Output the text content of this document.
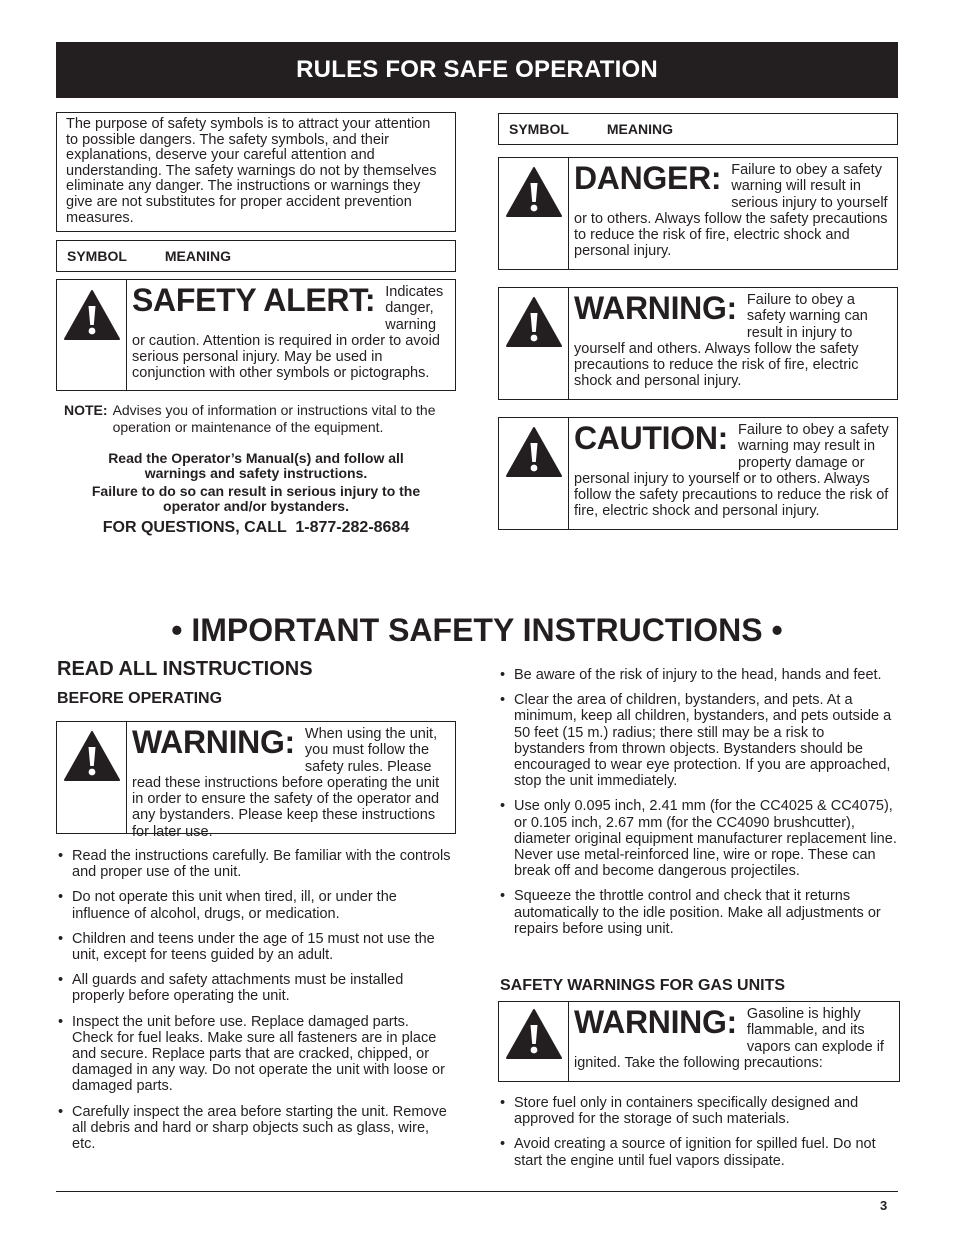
RULES FOR SAFE OPERATION
The purpose of safety symbols is to attract your attention to possible dangers. The safety symbols, and their explanations, deserve your careful attention and understanding. The safety warnings do not by themselves eliminate any danger. The instructions or warnings they give are not substitutes for proper accident prevention measures.
SYMBOL	MEANING
SAFETY ALERT: Indicates danger, warning or caution. Attention is required in order to avoid serious personal injury. May be used in conjunction with other symbols or pictographs.
NOTE: Advises you of information or instructions vital to the operation or maintenance of the equipment.
Read the Operator’s Manual(s) and follow all warnings and safety instructions.
Failure to do so can result in serious injury to the operator and/or bystanders.
FOR QUESTIONS, CALL  1-877-282-8684
SYMBOL	MEANING
DANGER: Failure to obey a safety warning will result in serious injury to yourself or to others. Always follow the safety precautions to reduce the risk of fire, electric shock and personal injury.
WARNING: Failure to obey a safety warning can result in injury to yourself and others. Always follow the safety precautions to reduce the risk of fire, electric shock and personal injury.
CAUTION: Failure to obey a safety warning may result in property damage or personal injury to yourself or to others. Always follow the safety precautions to reduce the risk of fire, electric shock and personal injury.
• IMPORTANT SAFETY INSTRUCTIONS •
READ ALL INSTRUCTIONS
BEFORE OPERATING
WARNING: When using the unit, you must follow the safety rules. Please read these instructions before operating the unit in order to ensure the safety of the operator and any bystanders. Please keep these instructions for later use.
• Read the instructions carefully. Be familiar with the controls and proper use of the unit.
• Do not operate this unit when tired, ill, or under the influence of alcohol, drugs, or medication.
• Children and teens under the age of 15 must not use the unit, except for teens guided by an adult.
• All guards and safety attachments must be installed properly before operating the unit.
• Inspect the unit before use. Replace damaged parts. Check for fuel leaks. Make sure all fasteners are in place and secure. Replace parts that are cracked, chipped, or damaged in any way. Do not operate the unit with loose or damaged parts.
• Carefully inspect the area before starting the unit. Remove all debris and hard or sharp objects such as glass, wire, etc.
• Be aware of the risk of injury to the head, hands and feet.
• Clear the area of children, bystanders, and pets. At a minimum, keep all children, bystanders, and pets outside a 50 feet (15 m.) radius; there still may be a risk to bystanders from thrown objects. Bystanders should be encouraged to wear eye protection. If you are approached, stop the unit immediately.
• Use only 0.095 inch, 2.41 mm (for the CC4025 & CC4075), or 0.105 inch, 2.67 mm (for the CC4090 brushcutter), diameter original equipment manufacturer replacement line. Never use metal-reinforced line, wire or rope. These can break off and become dangerous projectiles.
• Squeeze the throttle control and check that it returns automatically to the idle position. Make all adjustments or repairs before using unit.
SAFETY WARNINGS FOR GAS UNITS
WARNING: Gasoline is highly flammable, and its vapors can explode if ignited. Take the following precautions:
• Store fuel only in containers specifically designed and approved for the storage of such materials.
• Avoid creating a source of ignition for spilled fuel. Do not start the engine until fuel vapors dissipate.
3
